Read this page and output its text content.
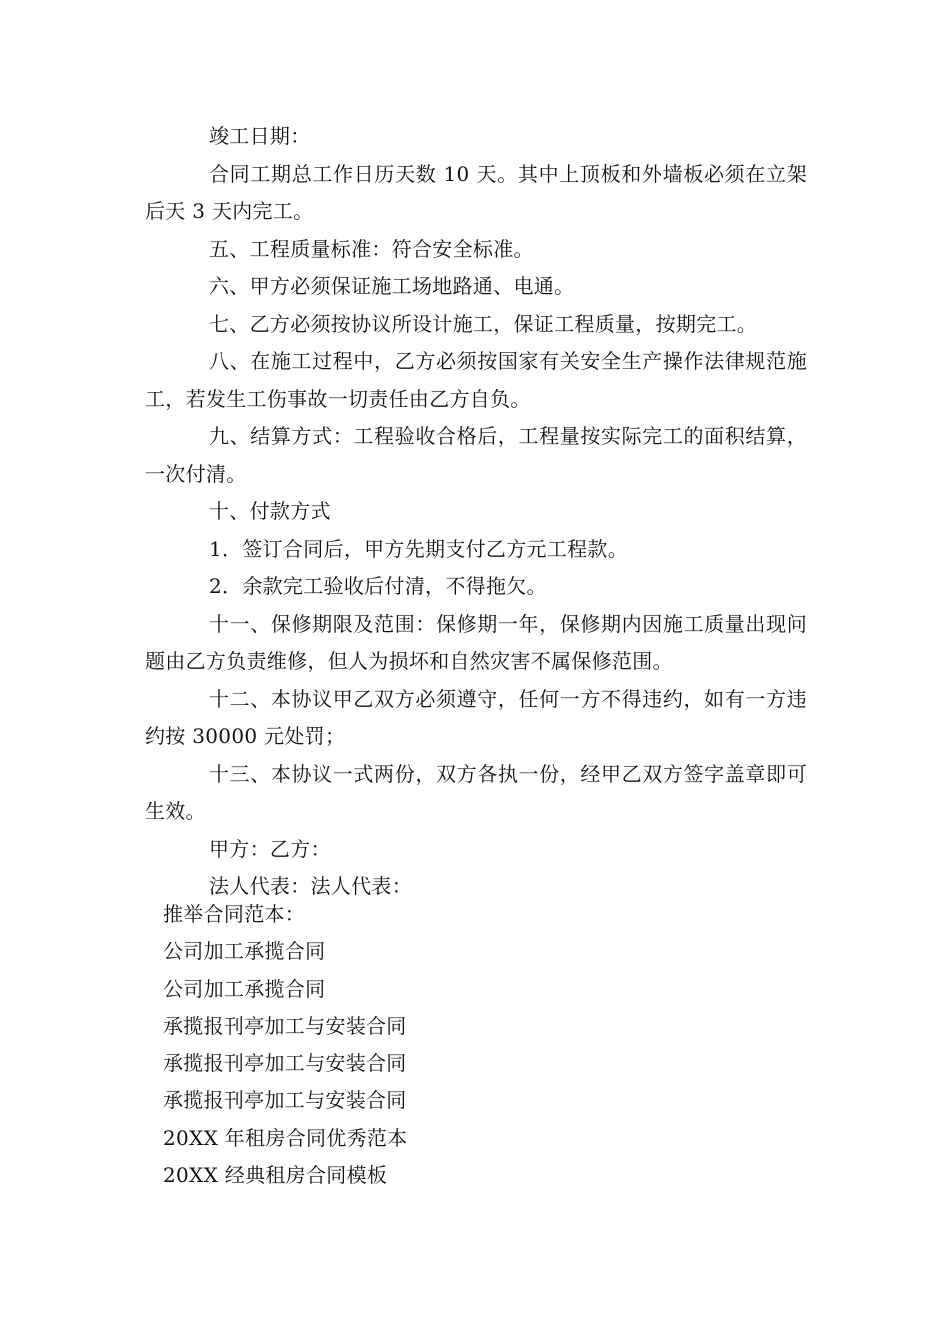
竣工日期：

合同工期总工作日历天数 10 天。其中上顶板和外墙板必须在立架后天 3 天内完工。

五、工程质量标准：符合安全标准。

六、甲方必须保证施工场地路通、电通。

七、乙方必须按协议所设计施工，保证工程质量，按期完工。

八、在施工过程中，乙方必须按国家有关安全生产操作法律规范施工，若发生工伤事故一切责任由乙方自负。

九、结算方式：工程验收合格后，工程量按实际完工的面积结算，一次付清。

十、付款方式

1．签订合同后，甲方先期支付乙方元工程款。

2．余款完工验收后付清，不得拖欠。

十一、保修期限及范围：保修期一年，保修期内因施工质量出现问题由乙方负责维修，但人为损坏和自然灾害不属保修范围。

十二、本协议甲乙双方必须遵守，任何一方不得违约，如有一方违约按 30000 元处罚；

十三、本协议一式两份，双方各执一份，经甲乙双方签字盖章即可生效。

甲方：乙方：

法人代表：法人代表：

推举合同范本：

公司加工承揽合同

公司加工承揽合同

承揽报刊亭加工与安装合同

承揽报刊亭加工与安装合同

承揽报刊亭加工与安装合同

20XX 年租房合同优秀范本

20XX 经典租房合同模板
